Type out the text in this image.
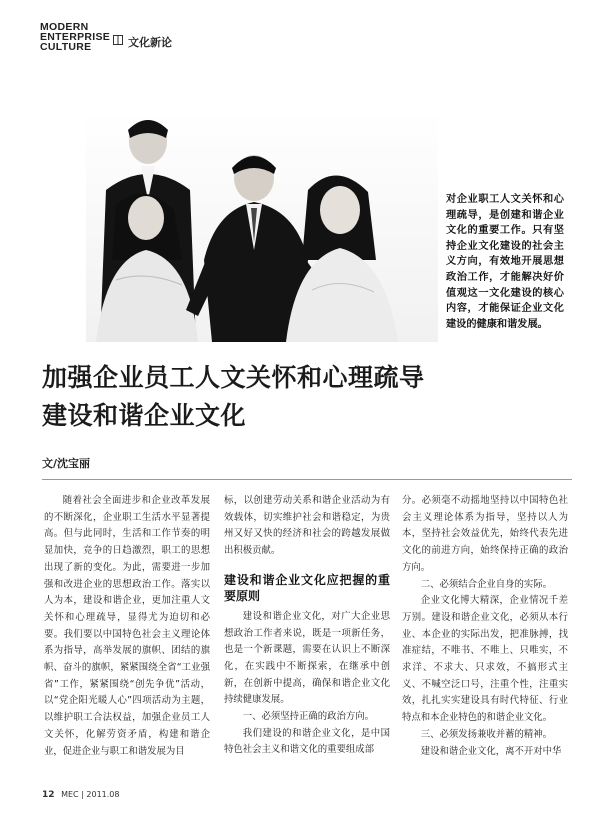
MODERN
ENTERPRISE
CULTURE	文化新论
对企业职工人文关怀和心理疏导，是创建和谐企业文化的重要工作。只有坚持企业文化建设的社会主义方向，有效地开展思想政治工作，才能解决好价值观这一文化建设的核心内容，才能保证企业文化建设的健康和谐发展。
加强企业员工人文关怀和心理疏导
建设和谐企业文化
文/沈宝丽

随着社会全面进步和企业改革发展的不断深化，企业职工生活水平显著提高。但与此同时，生活和工作节奏的明显加快，竞争的日趋激烈，职工的思想出现了新的变化。为此，需要进一步加强和改进企业的思想政治工作。落实以人为本，建设和谐企业，更加注重人文关怀和心理疏导，显得尤为迫切和必要。我们要以中国特色社会主义理论体系为指导，高举发展的旗帜、团结的旗帜、奋斗的旗帜，紧紧围绕全省“工业强省”工作，紧紧围绕“创先争优”活动，以“党企阳光暖人心”四项活动为主题，以维护职工合法权益，加强企业员工人文关怀，化解劳资矛盾，构建和谐企业，促进企业与职工和谐发展为目

标，以创建劳动关系和谐企业活动为有效载体，切实维护社会和谐稳定，为贵州又好又快的经济和社会的跨越发展做出积极贡献。

建设和谐企业文化应把握的重要原则

建设和谐企业文化，对广大企业思想政治工作者来说，既是一项新任务，也是一个新课题，需要在认识上不断深化，在实践中不断探索，在继承中创新，在创新中提高，确保和谐企业文化持续健康发展。

一、必须坚持正确的政治方向。

我们建设的和谐企业文化，是中国特色社会主义和谐文化的重要组成部

分。必须毫不动摇地坚持以中国特色社会主义理论体系为指导，坚持以人为本，坚持社会效益优先，始终代表先进文化的前进方向，始终保持正确的政治方向。

二、必须结合企业自身的实际。

企业文化博大精深，企业情况千差万别。建设和谐企业文化，必须从本行业、本企业的实际出发，把准脉搏，找准症结，不唯书、不唯上、只唯实，不求洋、不求大、只求效，不搞形式主义、不喊空泛口号，注重个性，注重实效，扎扎实实建设具有时代特征、行业特点和本企业特色的和谐企业文化。

三、必须发扬兼收并蓄的精神。

建设和谐企业文化，离不开对中华

12 MEC | 2011.08
